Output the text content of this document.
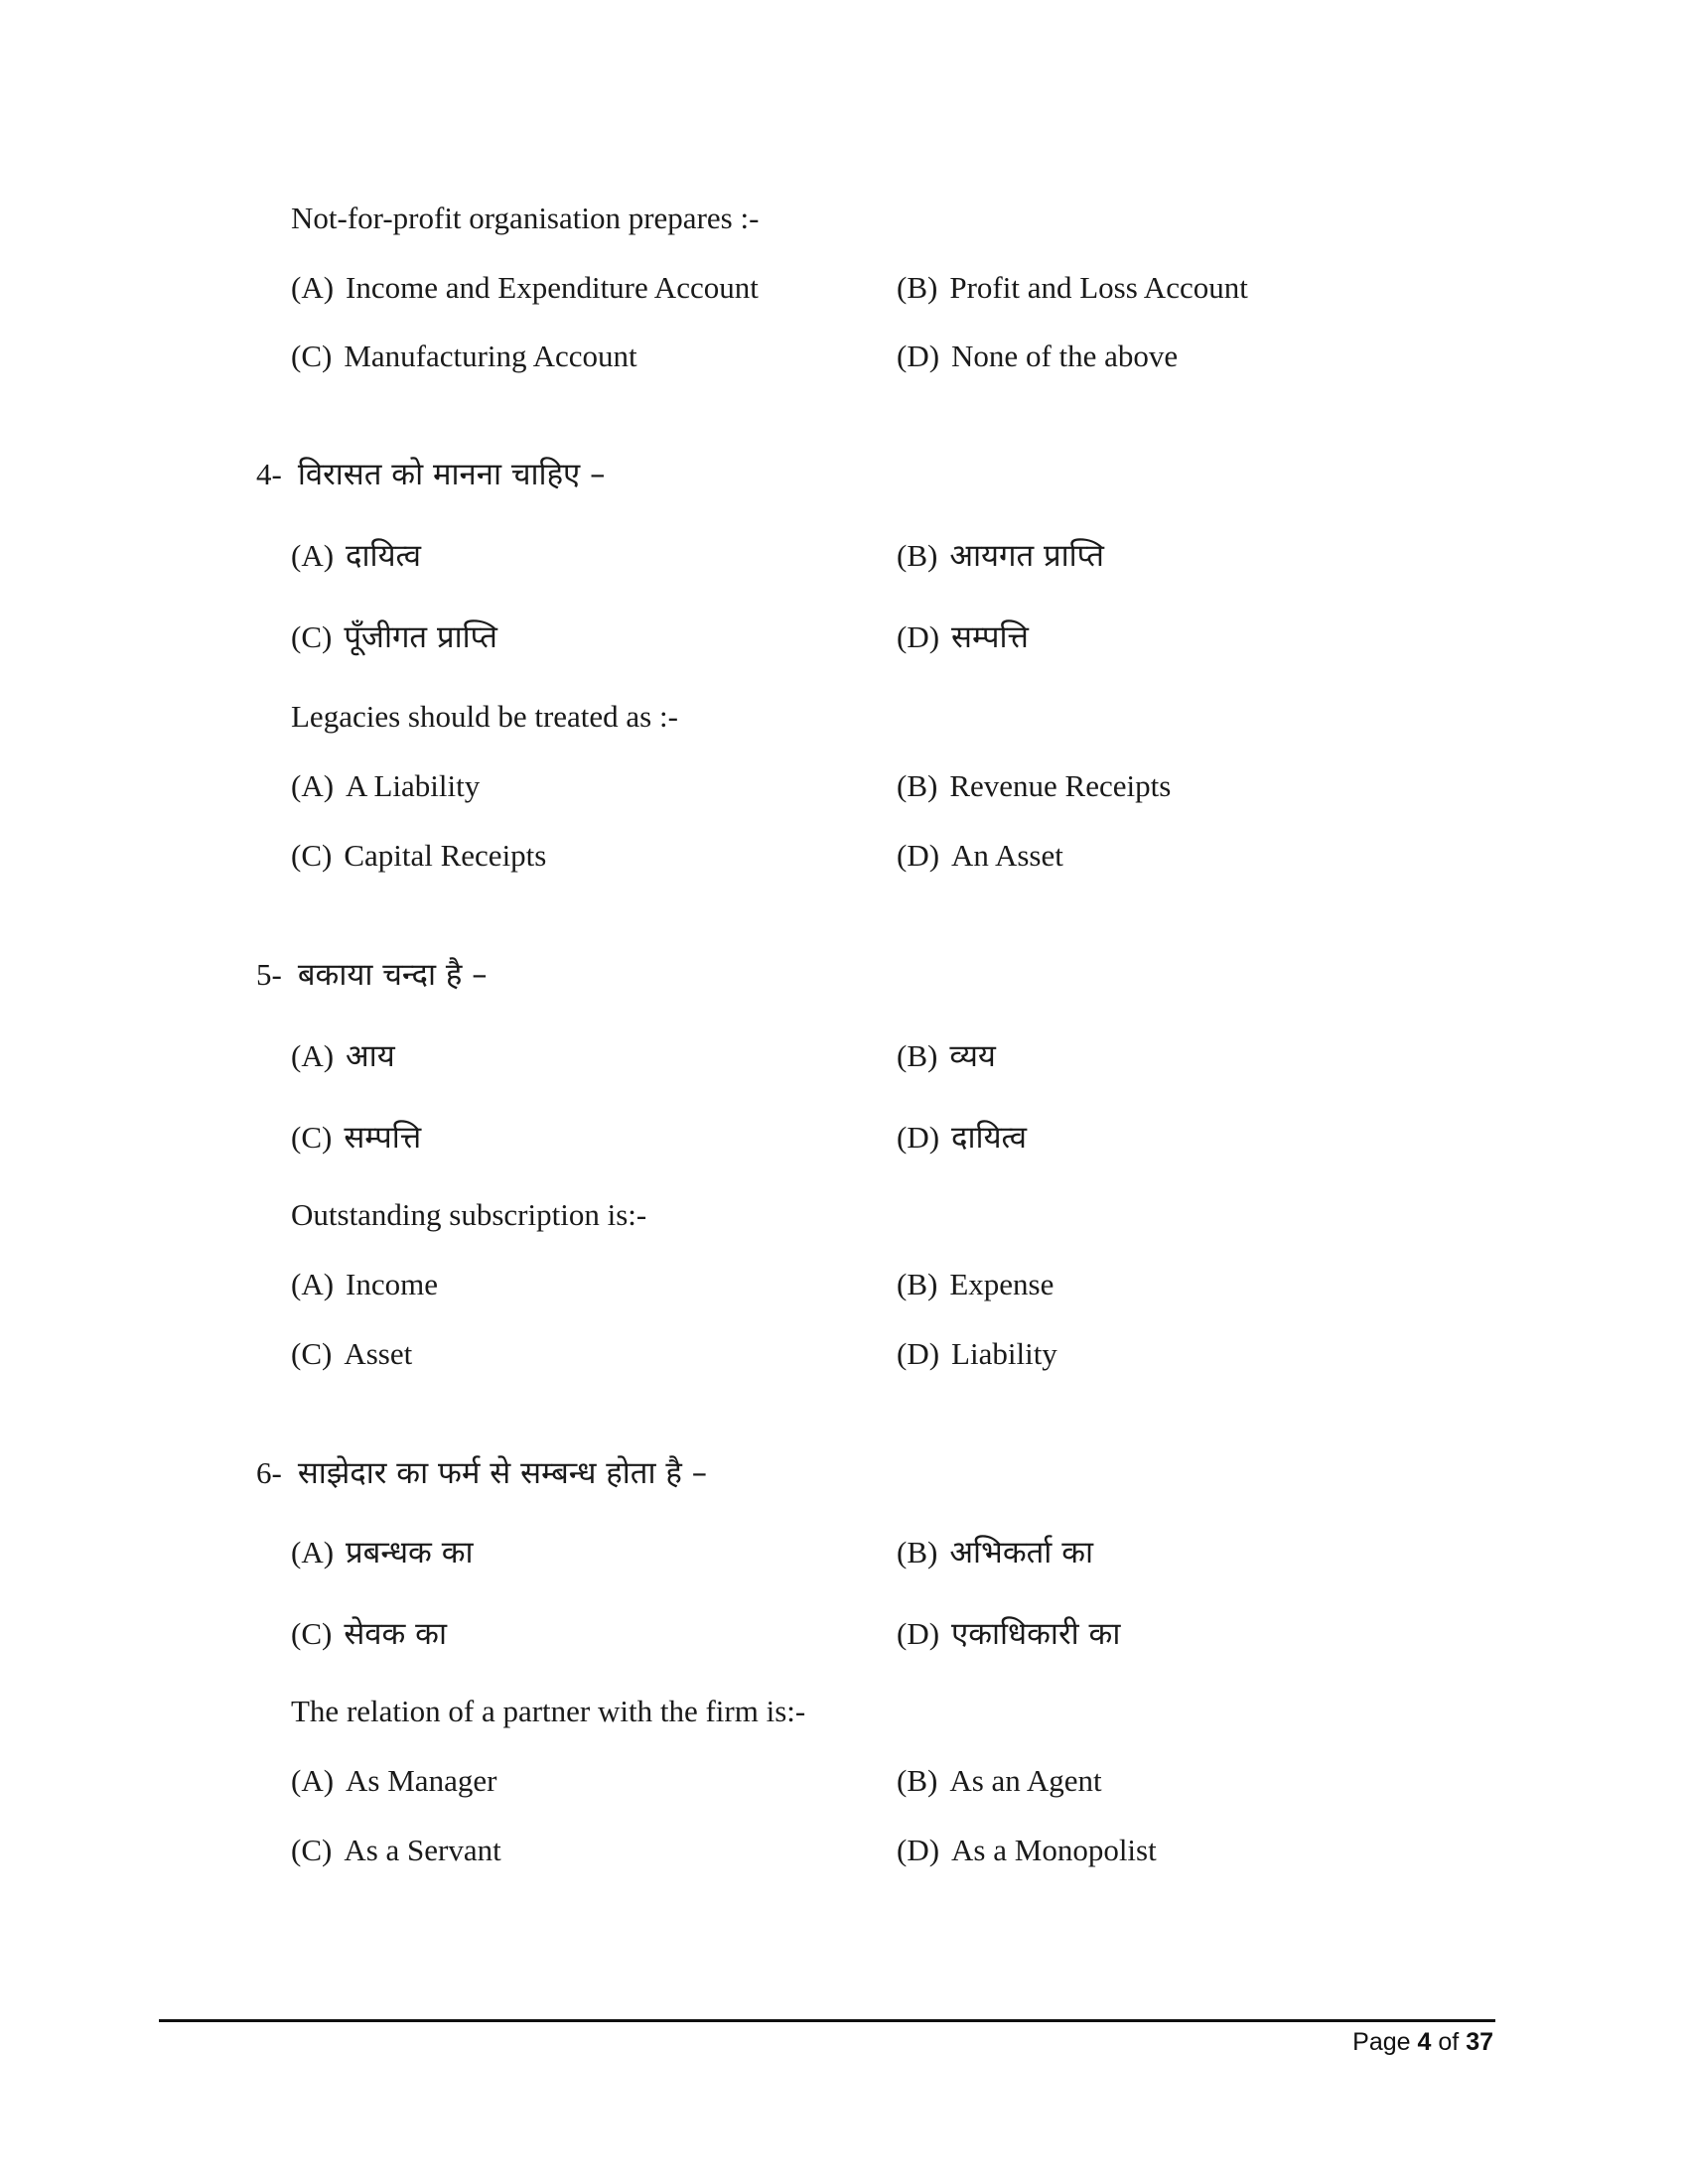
Not-for-profit organisation prepares :-
(A) Income and Expenditure Account	(B) Profit and Loss Account
(C) Manufacturing Account	(D) None of the above
4- विरासत को मानना चाहिए –
(A) दायित्व	(B) आयगत प्राप्ति
(C) पूँजीगत प्राप्ति	(D) सम्पत्ति
Legacies should be treated as :-
(A) A Liability	(B) Revenue Receipts
(C) Capital Receipts	(D) An Asset
5- बकाया चन्दा है –
(A) आय	(B) व्यय
(C) सम्पत्ति	(D) दायित्व
Outstanding subscription is:-
(A) Income	(B) Expense
(C) Asset	(D) Liability
6- साझेदार का फर्म से सम्बन्ध होता है –
(A) प्रबन्धक का	(B) अभिकर्ता का
(C) सेवक का	(D) एकाधिकारी का
The relation of a partner with the firm is:-
(A) As Manager	(B) As an Agent
(C) As a Servant	(D) As a Monopolist
Page 4 of 37
